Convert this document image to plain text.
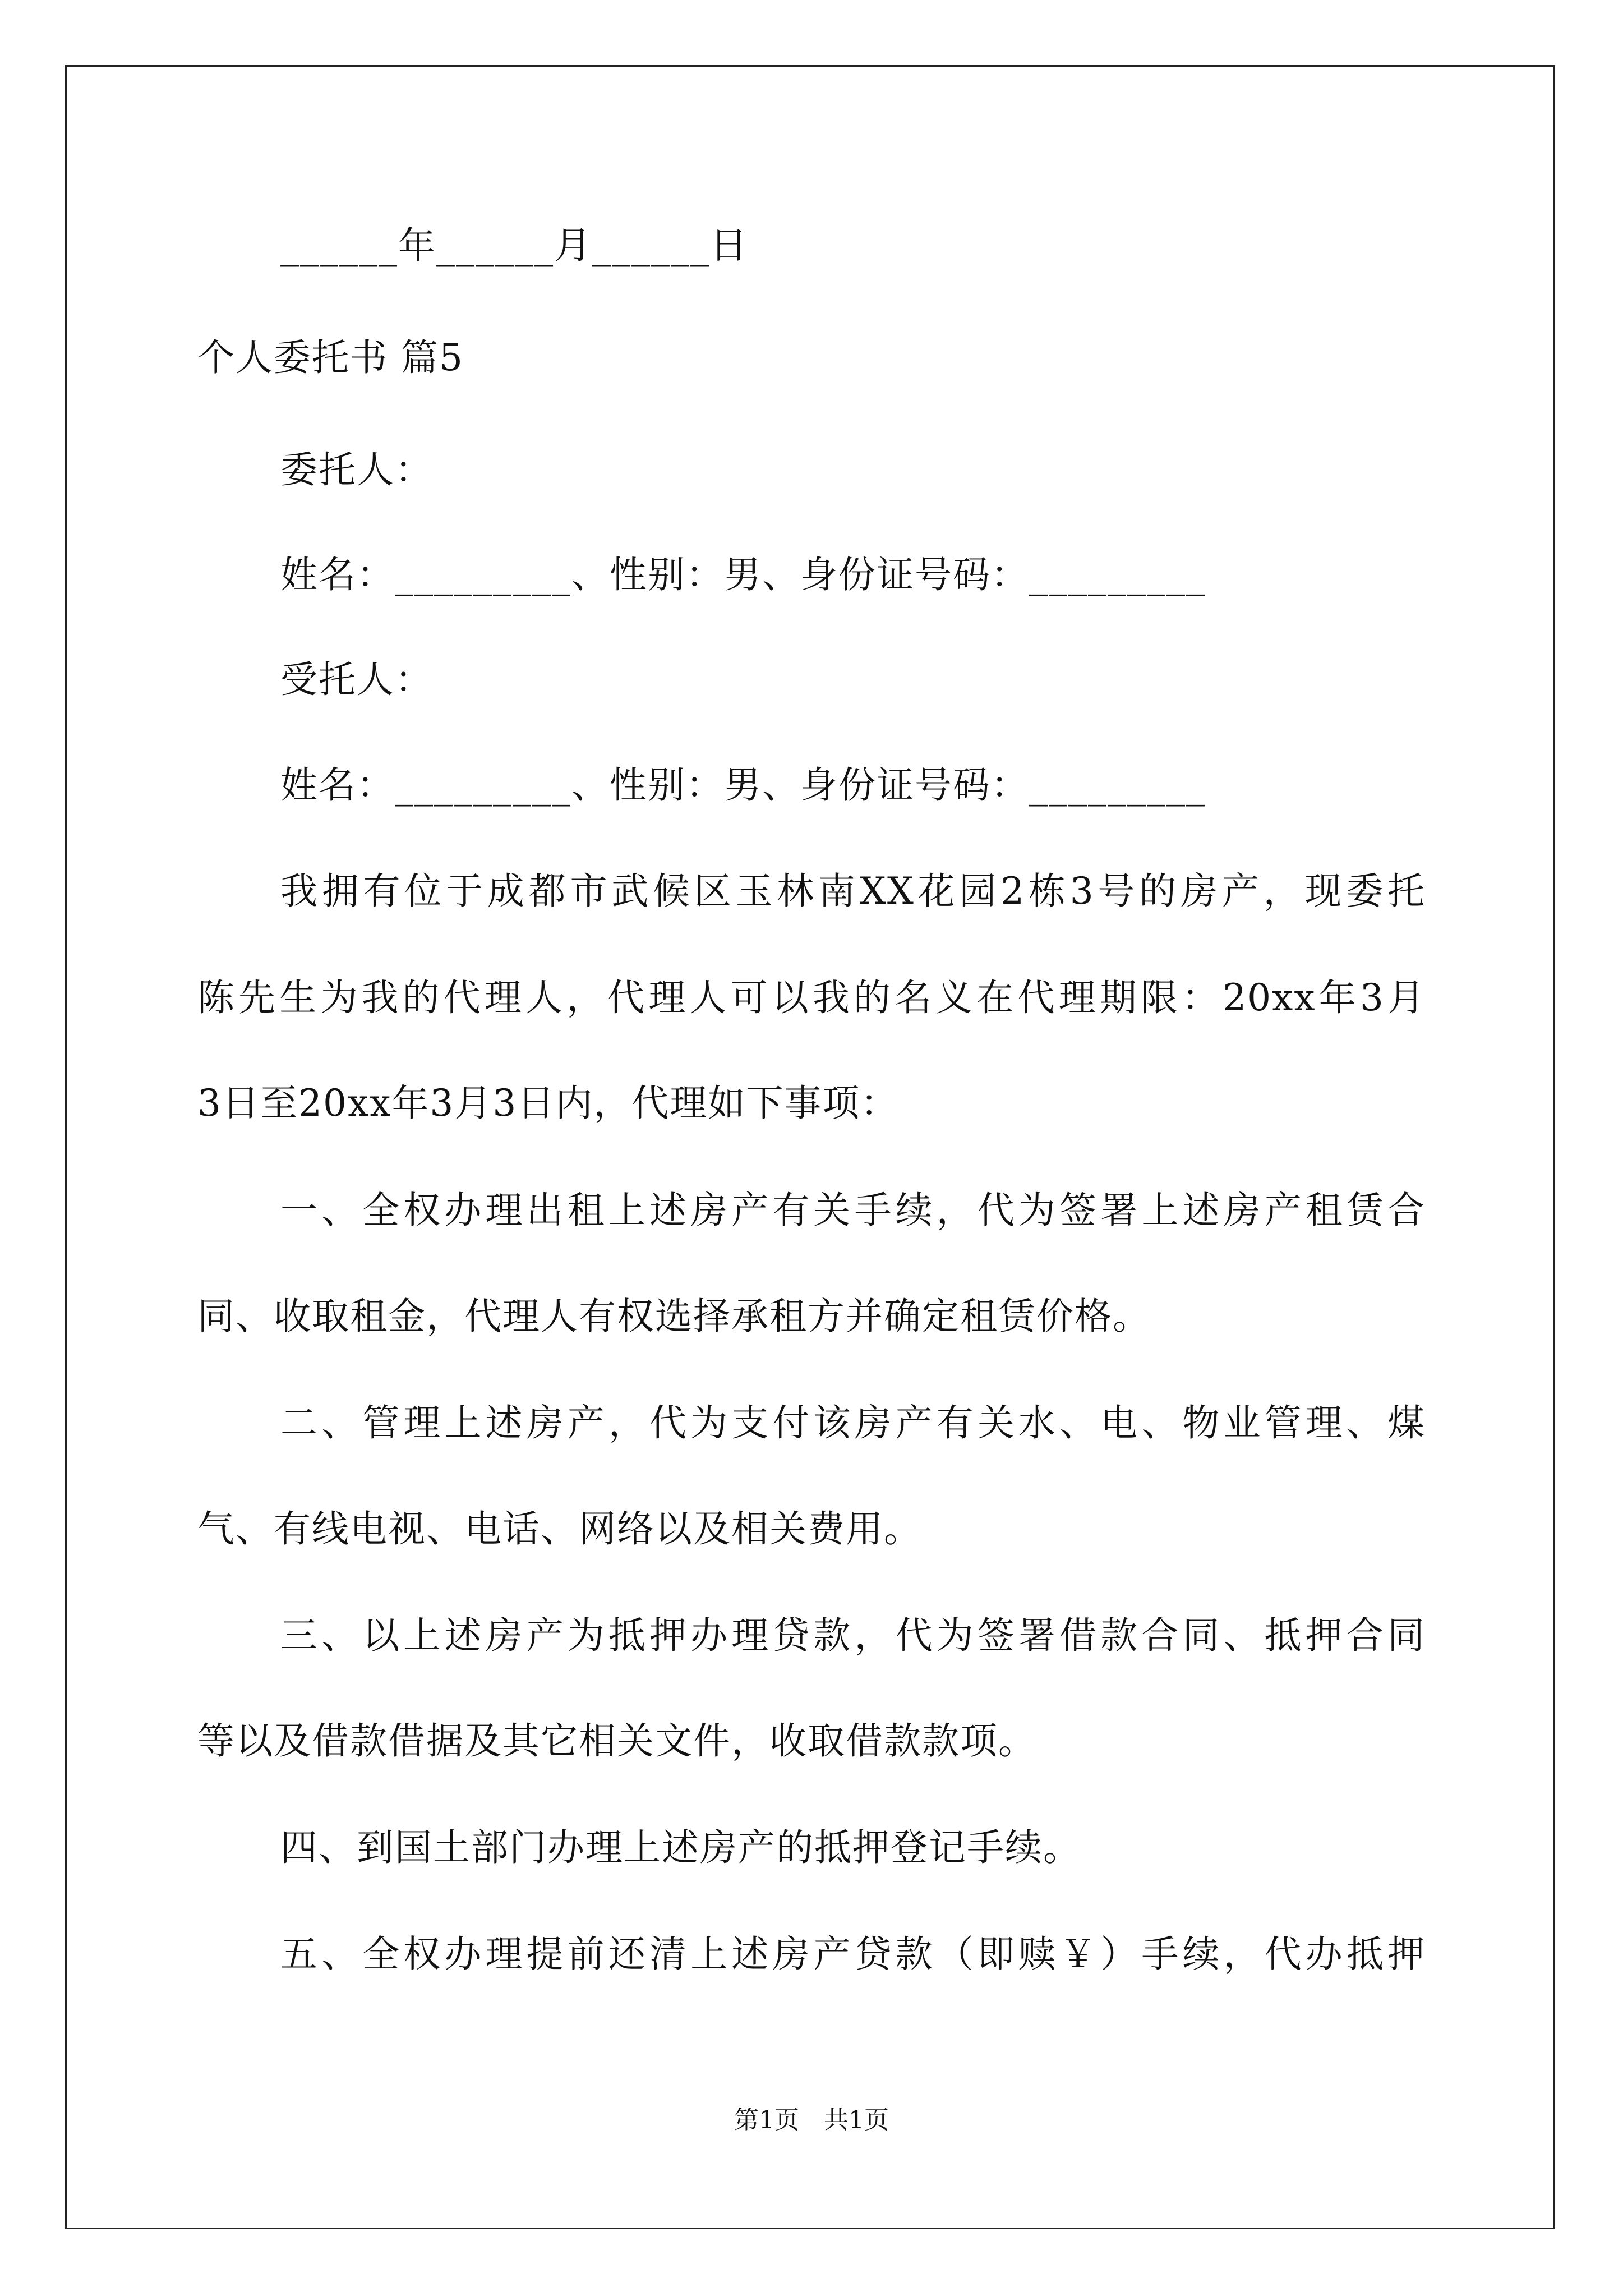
______年______月______日
个人委托书 篇5
委托人：
姓名：_________、性别：男、身份证号码：_________
受托人：
姓名：_________、性别：男、身份证号码：_________
我拥有位于成都市武候区玉林南XX花园2栋3号的房产，现委托
陈先生为我的代理人，代理人可以我的名义在代理期限：20xx年3月
3日至20xx年3月3日内，代理如下事项：
一、全权办理出租上述房产有关手续，代为签署上述房产租赁合
同、收取租金，代理人有权选择承租方并确定租赁价格。
二、管理上述房产，代为支付该房产有关水、电、物业管理、煤
气、有线电视、电话、网络以及相关费用。
三、以上述房产为抵押办理贷款，代为签署借款合同、抵押合同
等以及借款借据及其它相关文件，收取借款款项。
四、到国土部门办理上述房产的抵押登记手续。
五、全权办理提前还清上述房产贷款（即赎￥）手续，代办抵押
第1页　共1页
